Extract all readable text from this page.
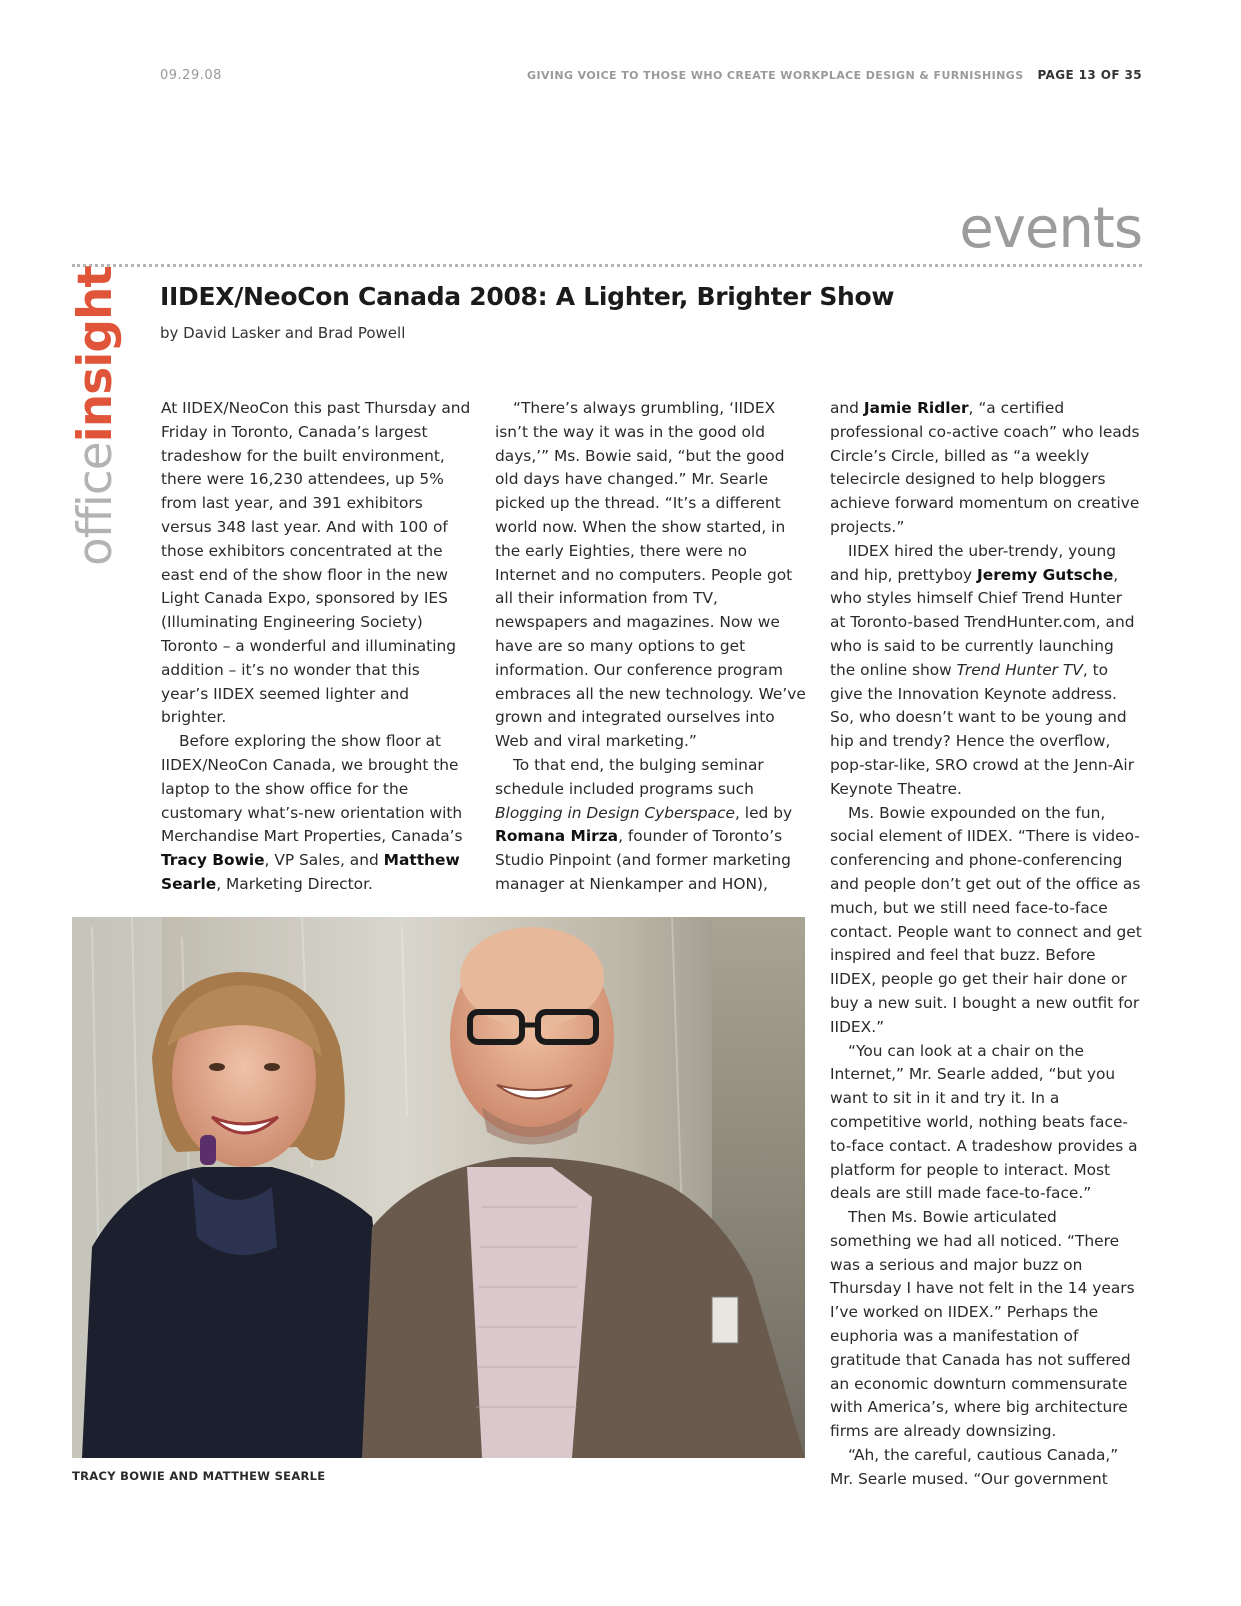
09.29.08	GIVING VOICE TO THOSE WHO CREATE WORKPLACE DESIGN & FURNISHINGS PAGE 13 OF 35
events
officeinsight IIDEX/NeoCon Canada 2008: A Lighter, Brighter Show
by David Lasker and Brad Powell

At IIDEX/NeoCon this past Thursday and Friday in Toronto, Canada’s largest tradeshow for the built environment, there were 16,230 attendees, up 5% from last year, and 391 exhibitors versus 348 last year. And with 100 of those exhibitors concentrated at the east end of the show floor in the new Light Canada Expo, sponsored by IES (Illuminating Engineering Society) Toronto – a wonderful and illuminating addition – it’s no wonder that this year’s IIDEX seemed lighter and brighter.

Before exploring the show floor at IIDEX/NeoCon Canada, we brought the laptop to the show office for the customary what’s-new orientation with Merchandise Mart Properties, Canada’s Tracy Bowie, VP Sales, and Matthew Searle, Marketing Director.

“There’s always grumbling, ‘IIDEX isn’t the way it was in the good old days,’” Ms. Bowie said, “but the good old days have changed.” Mr. Searle picked up the thread. “It’s a different world now. When the show started, in the early Eighties, there were no Internet and no computers. People got all their information from TV, newspapers and magazines. Now we have are so many options to get information. Our conference program embraces all the new technology. We’ve grown and integrated ourselves into Web and viral marketing.”

To that end, the bulging seminar schedule included programs such Blogging in Design Cyberspace, led by Romana Mirza, founder of Toronto’s Studio Pinpoint (and former marketing manager at Nienkamper and HON),

and Jamie Ridler, “a certified professional co-active coach” who leads Circle’s Circle, billed as “a weekly telecircle designed to help bloggers achieve forward momentum on creative projects.”

IIDEX hired the uber-trendy, young and hip, prettyboy Jeremy Gutsche, who styles himself Chief Trend Hunter at Toronto-based TrendHunter.com, and who is said to be currently launching the online show Trend Hunter TV, to give the Innovation Keynote address. So, who doesn’t want to be young and hip and trendy? Hence the overflow, pop-star-like, SRO crowd at the Jenn-Air Keynote Theatre.

Ms. Bowie expounded on the fun, social element of IIDEX. “There is video-conferencing and phone-conferencing and people don’t get out of the office as much, but we still need face-to-face contact. People want to connect and get inspired and feel that buzz. Before IIDEX, people go get their hair done or buy a new suit. I bought a new outfit for IIDEX.”

“You can look at a chair on the Internet,” Mr. Searle added, “but you want to sit in it and try it. In a competitive world, nothing beats face-to-face contact. A tradeshow provides a platform for people to interact. Most deals are still made face-to-face.”

Then Ms. Bowie articulated something we had all noticed. “There was a serious and major buzz on Thursday I have not felt in the 14 years I’ve worked on IIDEX.” Perhaps the euphoria was a manifestation of gratitude that Canada has not suffered an economic downturn commensurate with America’s, where big architecture firms are already downsizing.

“Ah, the careful, cautious Canada,” Mr. Searle mused. “Our government

TRACY BOWIE AND MATTHEW SEARLE
